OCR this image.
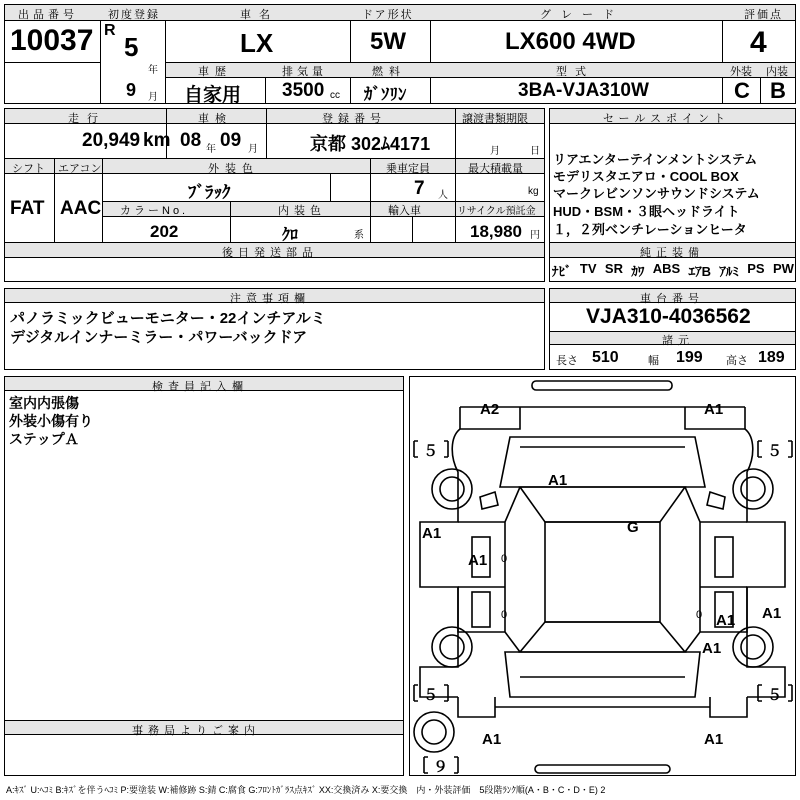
出品番号
10037
初度登録
R
5
年
9 月
車名
LX
ドア形状
5W
グレード
LX600 4WD
評価点
4
車歴
自家用
排気量
3500 cc
燃料
ｶﾞｿﾘﾝ
型式
3BA-VJA310W
外装
C
内装
B
走行
20,949 km
車検
08 年 09 月
登録番号
京都 302ﾑ4171
譲渡書類期限
月	日
シフト
FAT
エアコン
AAC
外装色
ﾌﾞﾗｯｸ
乗車定員
7 人
最大積載量
kg
カラーNo.
202
内装色
ｸﾛ	系
輸入車	リサイクル預託金
18,980 円
後日発送部品
セールスポイント
リアエンターテインメントシステム
モデリスタエアロ・COOL BOX
マークレビンソンサウンドシステム
HUD・BSM・３眼ヘッドライト
１，２列ベンチレーションヒータ
純正装備
ﾅﾋﾞ TV SR ｶﾜ ABS ｴｱB ｱﾙﾐ PS PW
注意事項欄
パノラミックビューモニター・22インチアルミ
デジタルインナーミラー・パワーバックドア
車台番号
VJA310-4036562
諸元
長さ 510	幅 199 高さ 189
検査員記入欄
室内内張傷
外装小傷有り
ステップＡ
事務局よりご案内
５	５
５	５
９
A2	A1
A1
A1
A1
G
A1
A1
A1
A1	A1
0
0	0
A:ｷｽﾞ U:ﾍｺﾐ B:ｷｽﾞを伴うﾍｺﾐ P:要塗装 W:補修跡 S:錆 C:腐食 G:ﾌﾛﾝﾄｶﾞﾗｽ点ｷｽﾞ XX:交換済み X:要交換　内・外装評価　5段階ﾗﾝｸ順(A・B・C・D・E) 2
